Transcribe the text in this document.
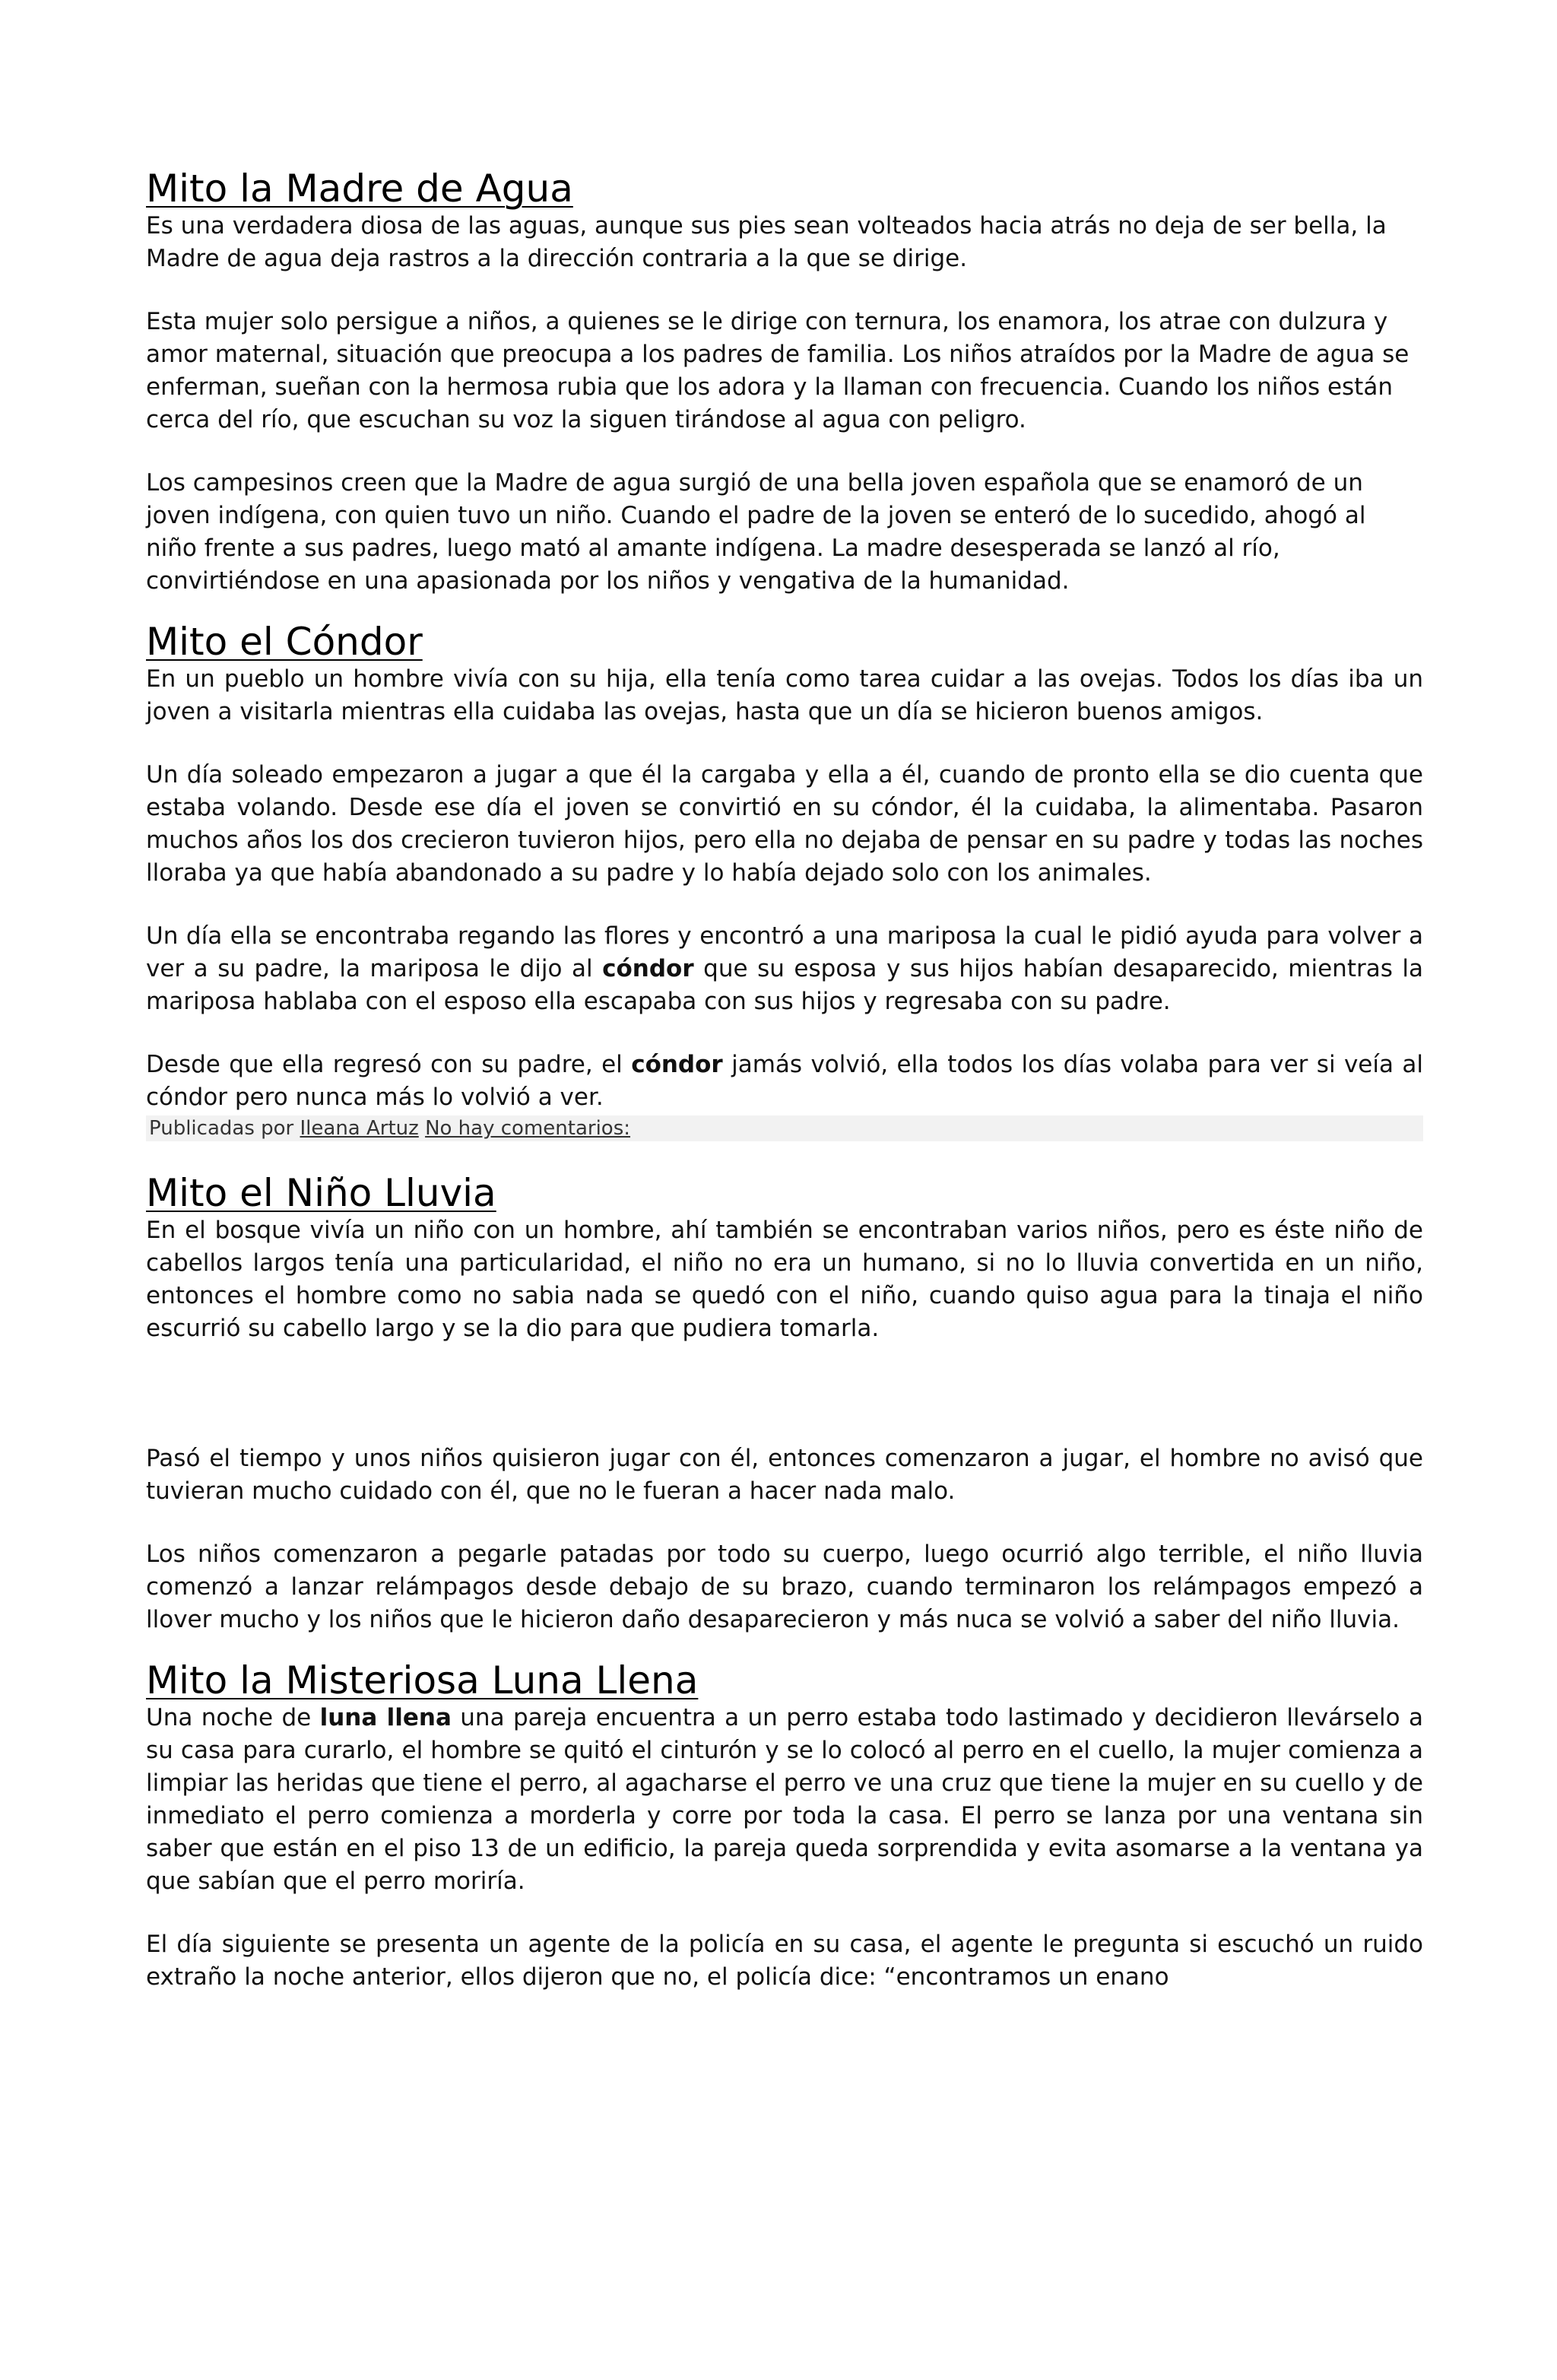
Mito la Madre de Agua

Es una verdadera diosa de las aguas, aunque sus pies sean volteados hacia atrás no deja de ser bella, la Madre de agua deja rastros a la dirección contraria a la que se dirige.

Esta mujer solo persigue a niños, a quienes se le dirige con ternura, los enamora, los atrae con dulzura y amor maternal, situación que preocupa a los padres de familia. Los niños atraídos por la Madre de agua se enferman, sueñan con la hermosa rubia que los adora y la llaman con frecuencia. Cuando los niños están cerca del río, que escuchan su voz la siguen tirándose al agua con peligro.

Los campesinos creen que la Madre de agua surgió de una bella joven española que se enamoró de un joven indígena, con quien tuvo un niño. Cuando el padre de la joven se enteró de lo sucedido, ahogó al niño frente a sus padres, luego mató al amante indígena. La madre desesperada se lanzó al río, convirtiéndose en una apasionada por los niños y vengativa de la humanidad.

Mito el Cóndor

En un pueblo un hombre vivía con su hija, ella tenía como tarea cuidar a las ovejas. Todos los días iba un joven a visitarla mientras ella cuidaba las ovejas, hasta que un día se hicieron buenos amigos.

Un día soleado empezaron a jugar a que él la cargaba y ella a él, cuando de pronto ella se dio cuenta que estaba volando. Desde ese día el joven se convirtió en su cóndor, él la cuidaba, la alimentaba. Pasaron muchos años los dos crecieron tuvieron hijos, pero ella no dejaba de pensar en su padre y todas las noches lloraba ya que había abandonado a su padre y lo había dejado solo con los animales.

Un día ella se encontraba regando las flores y encontró a una mariposa la cual le pidió ayuda para volver a ver a su padre, la mariposa le dijo al cóndor que su esposa y sus hijos habían desaparecido, mientras la mariposa hablaba con el esposo ella escapaba con sus hijos y regresaba con su padre.

Desde que ella regresó con su padre, el cóndor jamás volvió, ella todos los días volaba para ver si veía al cóndor pero nunca más lo volvió a ver.

Publicadas por Ileana Artuz No hay comentarios:
Mito el Niño Lluvia

En el bosque vivía un niño con un hombre, ahí también se encontraban varios niños, pero es éste niño de cabellos largos tenía una particularidad, el niño no era un humano, si no lo lluvia convertida en un niño, entonces el hombre como no sabia nada se quedó con el niño, cuando quiso agua para la tinaja el niño escurrió su cabello largo y se la dio para que pudiera tomarla.

Pasó el tiempo y unos niños quisieron jugar con él, entonces comenzaron a jugar, el hombre no avisó que tuvieran mucho cuidado con él, que no le fueran a hacer nada malo.

Los niños comenzaron a pegarle patadas por todo su cuerpo, luego ocurrió algo terrible, el niño lluvia comenzó a lanzar relámpagos desde debajo de su brazo, cuando terminaron los relámpagos empezó a llover mucho y los niños que le hicieron daño desaparecieron y más nuca se volvió a saber del niño lluvia.

Mito la Misteriosa Luna Llena

Una noche de luna llena una pareja encuentra a un perro estaba todo lastimado y decidieron llevárselo a su casa para curarlo, el hombre se quitó el cinturón y se lo colocó al perro en el cuello, la mujer comienza a limpiar las heridas que tiene el perro, al agacharse el perro ve una cruz que tiene la mujer en su cuello y de inmediato el perro comienza a morderla y corre por toda la casa. El perro se lanza por una ventana sin saber que están en el piso 13 de un edificio, la pareja queda sorprendida y evita asomarse a la ventana ya que sabían que el perro moriría.

El día siguiente se presenta un agente de la policía en su casa, el agente le pregunta si escuchó un ruido extraño la noche anterior, ellos dijeron que no, el policía dice: “encontramos un enano
